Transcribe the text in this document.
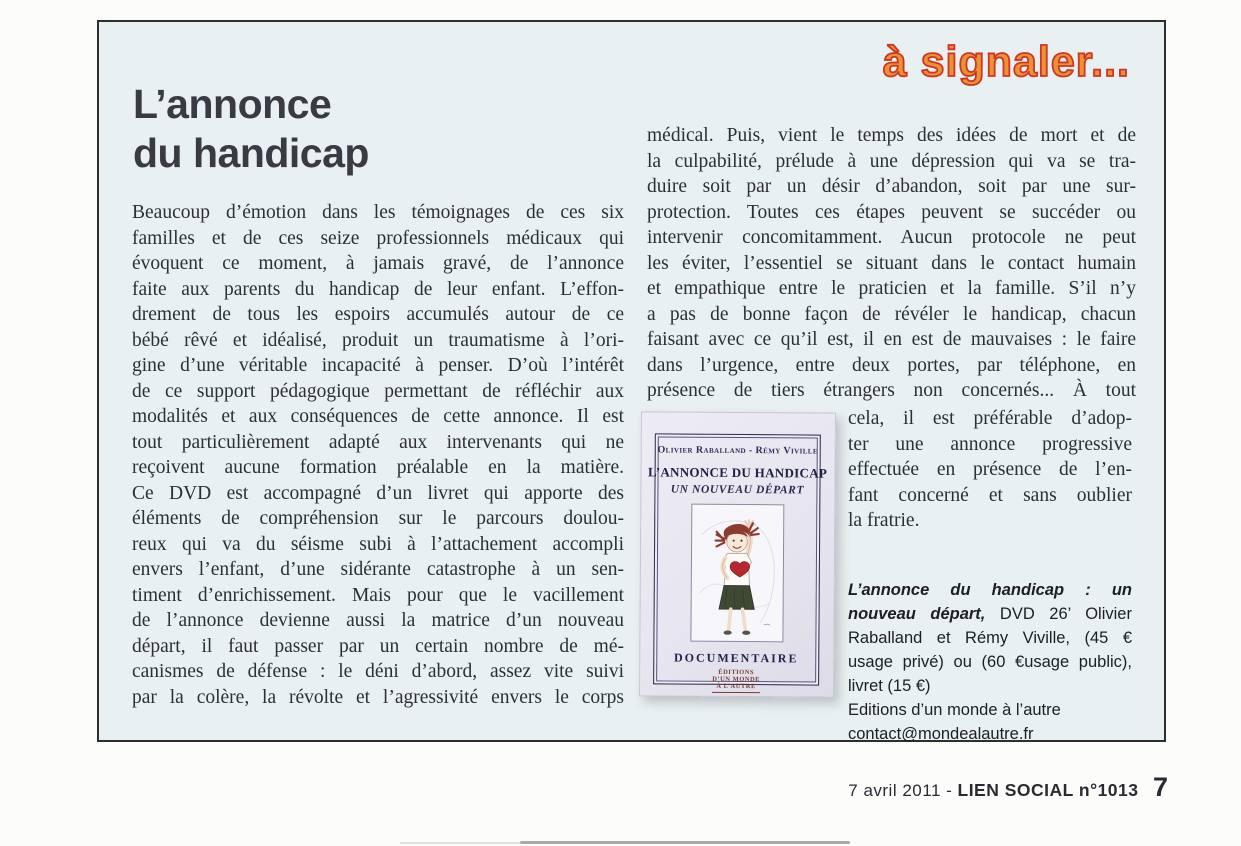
à signaler...
L’annonce
du handicap
Beaucoup d’émotion dans les témoignages de ces six
familles et de ces seize professionnels médicaux qui
évoquent ce moment, à jamais gravé, de l’annonce
faite aux parents du handicap de leur enfant. L’effon-
drement de tous les espoirs accumulés autour de ce
bébé rêvé et idéalisé, produit un traumatisme à l’ori-
gine d’une véritable incapacité à penser. D’où l’intérêt
de ce support pédagogique permettant de réfléchir aux
modalités et aux conséquences de cette annonce. Il est
tout particulièrement adapté aux intervenants qui ne
reçoivent aucune formation préalable en la matière.
Ce DVD est accompagné d’un livret qui apporte des
éléments de compréhension sur le parcours doulou-
reux qui va du séisme subi à l’attachement accompli
envers l’enfant, d’une sidérante catastrophe à un sen-
timent d’enrichissement. Mais pour que le vacillement
de l’annonce devienne aussi la matrice d’un nouveau
départ, il faut passer par un certain nombre de mé-
canismes de défense : le déni d’abord, assez vite suivi
par la colère, la révolte et l’agressivité envers le corps
médical. Puis, vient le temps des idées de mort et de
la culpabilité, prélude à une dépression qui va se tra-
duire soit par un désir d’abandon, soit par une sur-
protection. Toutes ces étapes peuvent se succéder ou
intervenir concomitamment. Aucun protocole ne peut
les éviter, l’essentiel se situant dans le contact humain
et empathique entre le praticien et la famille. S’il n’y
a pas de bonne façon de révéler le handicap, chacun
faisant avec ce qu’il est, il en est de mauvaises : le faire
dans l’urgence, entre deux portes, par téléphone, en
présence de tiers étrangers non concernés... À tout
cela, il est préférable d’adop-
ter une annonce progressive
effectuée en présence de l’en-
fant concerné et sans oublier
la fratrie.
Olivier Raballand - Rémy Viville
L’ANNONCE DU HANDICAP
UN NOUVEAU DÉPART
DOCUMENTAIRE
ÉDITIONS
D’UN MONDE
À L’AUTRE

L’annonce du handicap : un nouveau départ, DVD 26’ Olivier Raballand et Rémy Viville, (45 € usage privé) ou (60 €usage public), livret (15 €)

Editions d’un monde à l’autre
contact@mondealautre.fr
7 avril 2011 - LIEN SOCIAL n°1013 7
